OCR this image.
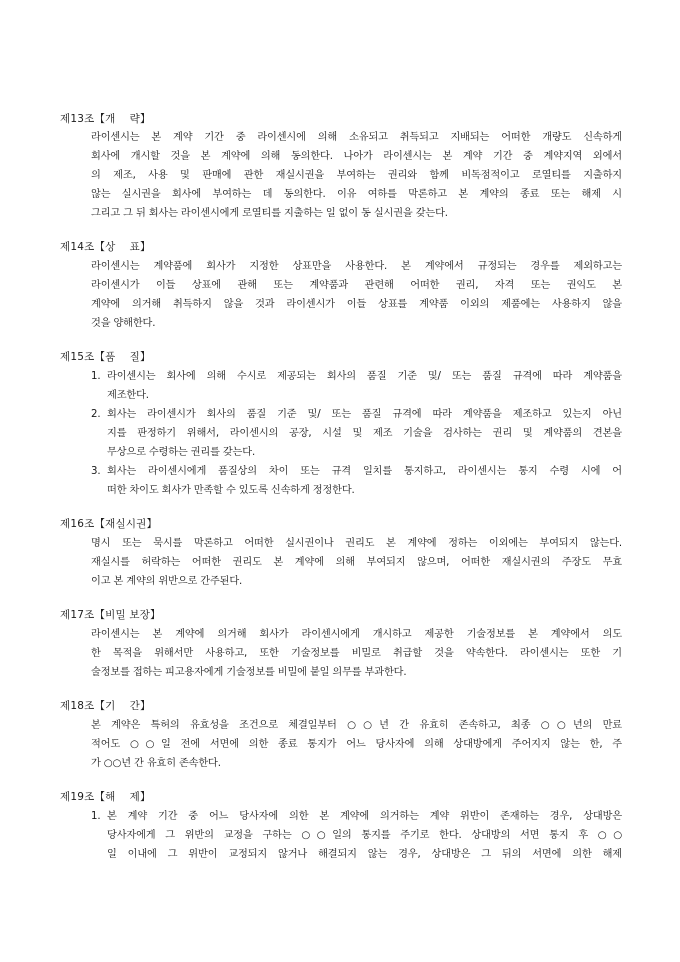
제13조【개    략】
라이센시는 본 계약 기간 중 라이센시에 의해 소유되고 취득되고 지배되는 어떠한 개량도 신속하게
회사에 개시할 것을 본 계약에 의해 동의한다. 나아가 라이센시는 본 계약 기간 중 계약지역 외에서
의 제조, 사용 및 판매에 관한 재실시권을 부여하는 권리와 함께 비독점적이고 로열티를 지출하지
않는 실시권을 회사에 부여하는 데 동의한다. 이유 여하를 막론하고 본 계약의 종료 또는 해제 시
그리고 그 뒤 회사는 라이센시에게 로열티를 지출하는 일 없이 동 실시권을 갖는다.
제14조【상    표】
라이센시는 계약품에 회사가 지정한 상표만을 사용한다. 본 계약에서 규정되는 경우를 제외하고는
라이센시가 이들 상표에 관해 또는 계약품과 관련해 어떠한 권리, 자격 또는 권익도 본
계약에 의거해 취득하지 않을 것과 라이센시가 이들 상표를 계약품 이외의 제품에는 사용하지 않을
것을 양해한다.
제15조【품    질】
1. 라이센시는 회사에 의해 수시로 제공되는 회사의 품질 기준 및/ 또는 품질 규격에 따라 계약품을
제조한다.
2. 회사는 라이센시가 회사의 품질 기준 및/ 또는 품질 규격에 따라 계약품을 제조하고 있는지 아닌
지를 판정하기 위해서, 라이센시의 공장, 시설 및 제조 기술을 검사하는 권리 및 계약품의 견본을
무상으로 수령하는 권리를 갖는다.
3. 회사는 라이센시에게 품질상의 차이 또는 규격 일치를 통지하고, 라이센시는 통지 수령 시에 어
떠한 차이도 회사가 만족할 수 있도록 신속하게 정정한다.
제16조【재실시권】
명시 또는 묵시를 막론하고 어떠한 실시권이나 권리도 본 계약에 정하는 이외에는 부여되지 않는다.
재실시를 허락하는 어떠한 권리도 본 계약에 의해 부여되지 않으며, 어떠한 재실시권의 주장도 무효
이고 본 계약의 위반으로 간주된다.
제17조【비밀 보장】
라이센시는 본 계약에 의거해 회사가 라이센시에게 개시하고 제공한 기술정보를 본 계약에서 의도
한 목적을 위해서만 사용하고, 또한 기술정보를 비밀로 취급할 것을 약속한다. 라이센시는 또한 기
술정보를 접하는 피고용자에게 기술정보를 비밀에 붙일 의무를 부과한다.
제18조【기    간】
본 계약은 특허의 유효성을 조건으로 체결일부터 ○○년 간 유효히 존속하고, 최종 ○○년의 만료
적어도 ○○일 전에 서면에 의한 종료 통지가 어느 당사자에 의해 상대방에게 주어지지 않는 한, 주
가 ○○년 간 유효히 존속한다.
제19조【해    제】
1. 본 계약 기간 중 어느 당사자에 의한 본 계약에 의거하는 계약 위반이 존재하는 경우, 상대방은
당사자에게 그 위반의 교정을 구하는 ○○일의 통지를 주기로 한다. 상대방의 서면 통지 후 ○○
일 이내에 그 위반이 교정되지 않거나 해결되지 않는 경우, 상대방은 그 뒤의 서면에 의한 해제
